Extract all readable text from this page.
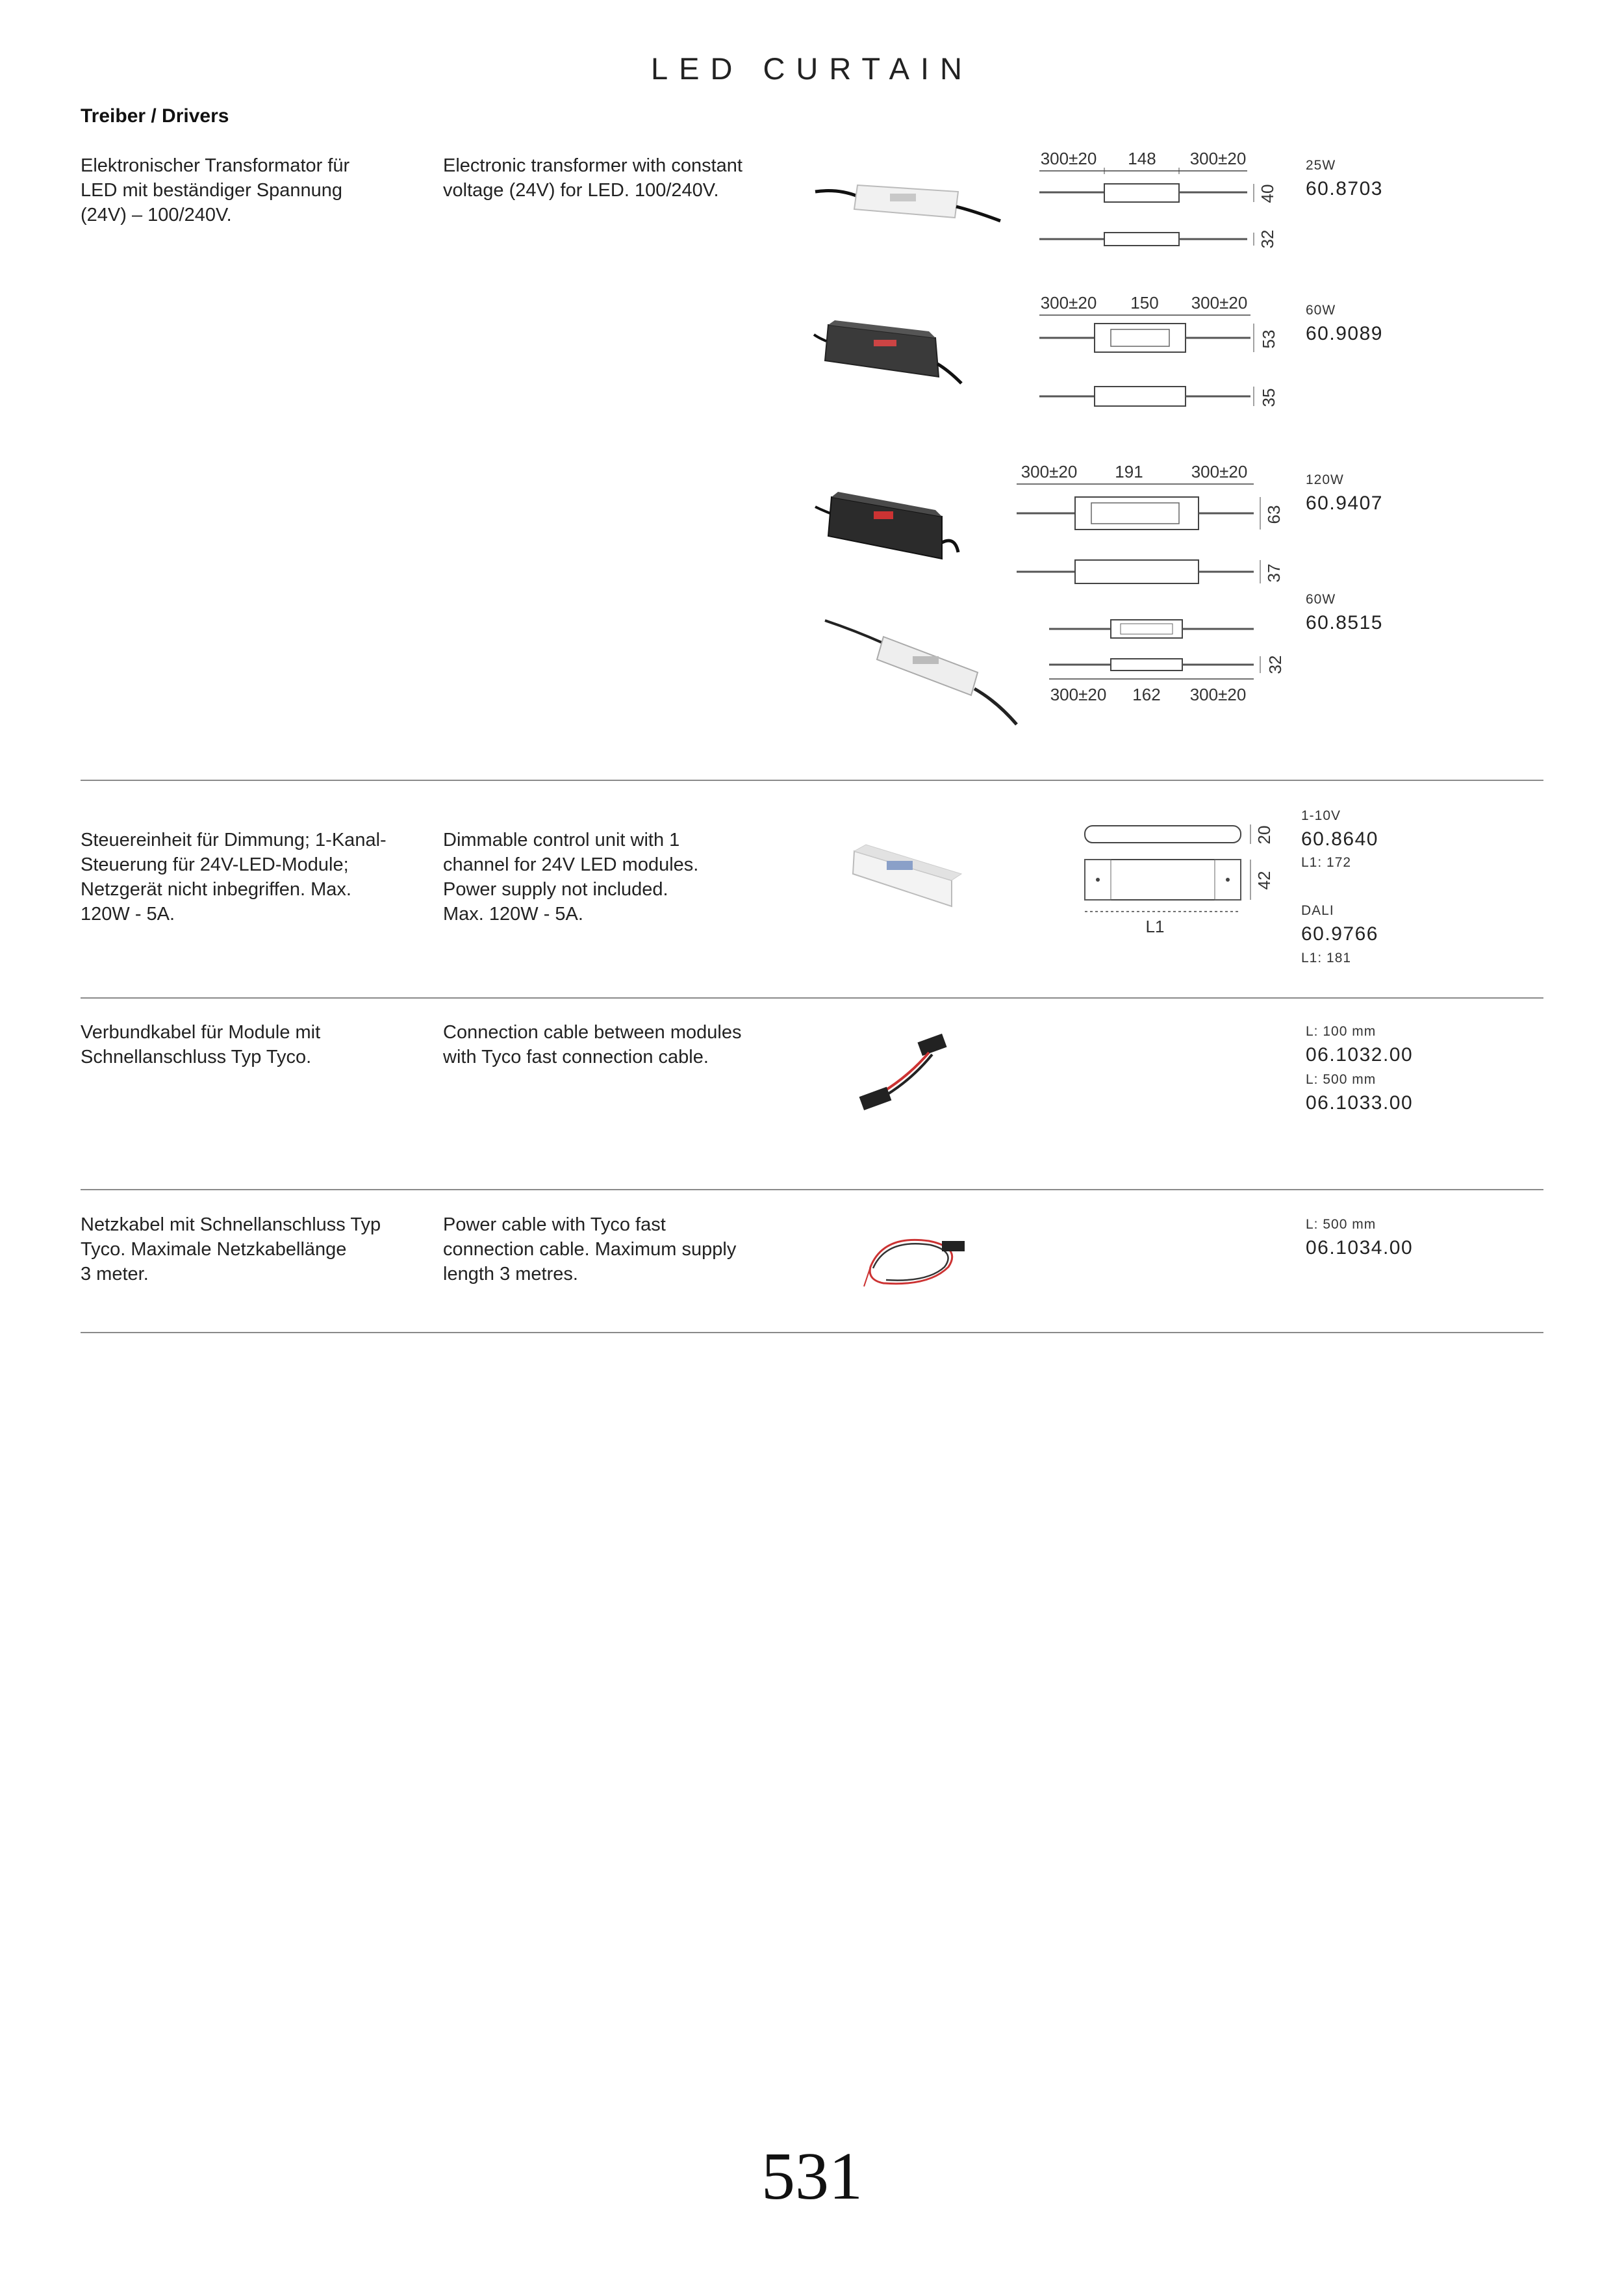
LED CURTAIN
Treiber / Drivers
Elektronischer Transformator für
LED mit beständiger Spannung
(24V) – 100/240V.
Electronic transformer with constant
voltage (24V) for LED. 100/240V.
300±20 148 300±20
40
32
300±20 150 300±20
53
35
300±20 191	300±20
63
37
32
300±20 162 300±20
25W
60.8703
60W
60.9089
120W
60.9407
60W
60.8515
Steuereinheit für Dimmung; 1-Kanal-
Steuerung für 24V-LED-Module;
Netzgerät nicht inbegriffen. Max.
120W - 5A.
Dimmable control unit with 1
channel for 24V LED modules.
Power supply not included.
Max. 120W - 5A.
20
42
L1
1-10V
60.8640
L1: 172
DALI
60.9766
L1: 181
Verbundkabel für Module mit
Schnellanschluss Typ Tyco.
Connection cable between modules
with Tyco fast connection cable.
L: 100 mm
06.1032.00
L: 500 mm
06.1033.00
Netzkabel mit Schnellanschluss Typ
Tyco. Maximale Netzkabellänge
3 meter.
Power cable with Tyco fast
connection cable. Maximum supply
length 3 metres.
L: 500 mm
06.1034.00
531
